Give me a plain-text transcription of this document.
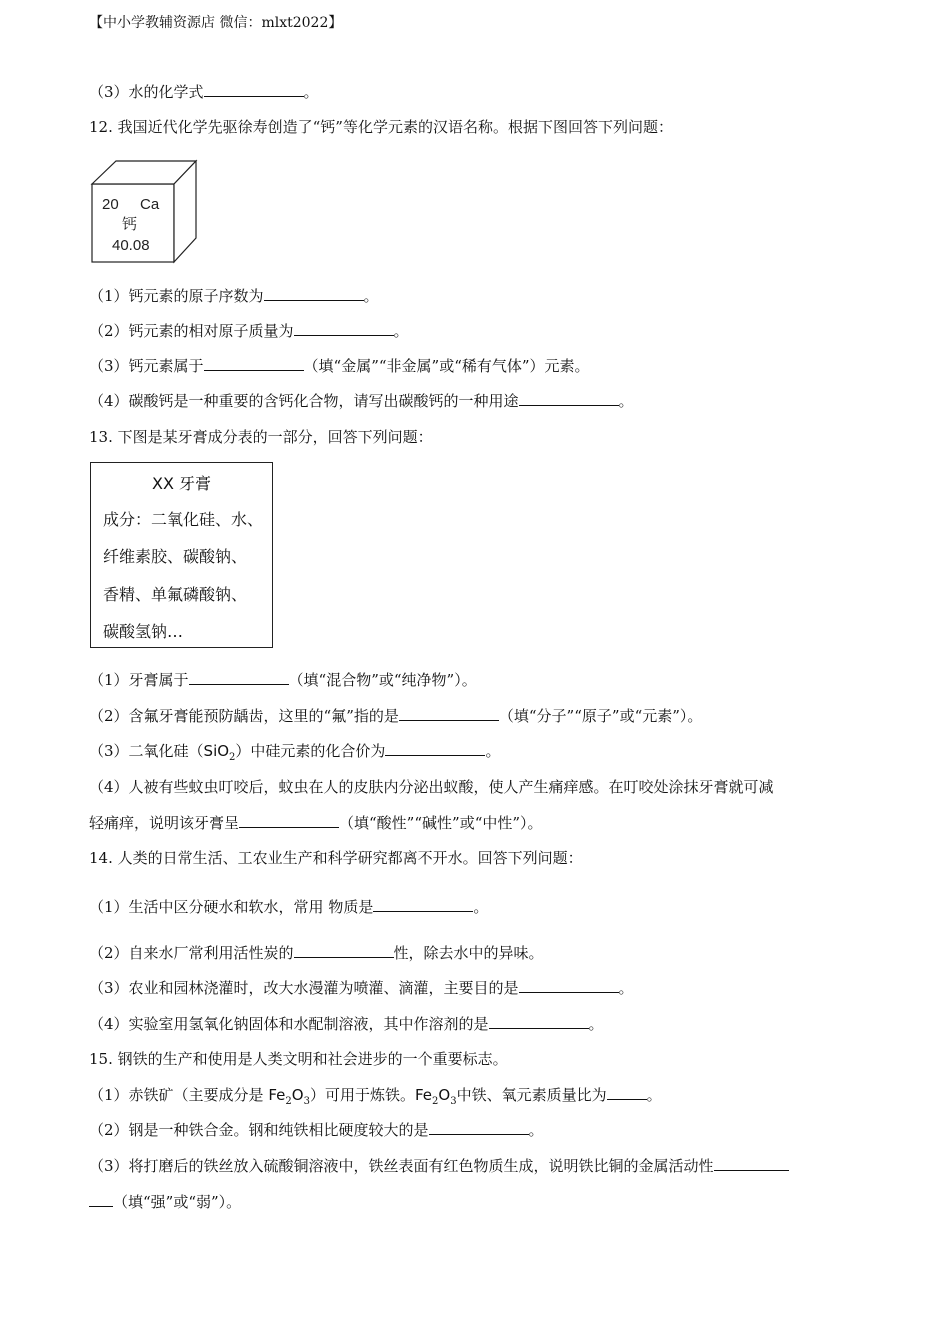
【中小学教辅资源店 微信：mlxt2022】
（3）水的化学式	。
12. 我国近代化学先驱徐寿创造了“钙”等化学元素的汉语名称。根据下图回答下列问题：
20 Ca
钙
40.08
（1）钙元素的原子序数为	。
（2）钙元素的相对原子质量为	。
（3）钙元素属于	（填“金属”“非金属”或“稀有气体”）元素。
（4）碳酸钙是一种重要的含钙化合物，请写出碳酸钙的一种用途	。
13. 下图是某牙膏成分表的一部分，回答下列问题：
XX 牙膏
成分：二氧化硅、水、
纤维素胶、碳酸钠、
香精、单氟磷酸钠、
碳酸氢钠…
（1）牙膏属于	（填“混合物”或“纯净物”）。
（2）含氟牙膏能预防龋齿，这里的“氟”指的是	（填“分子”“原子”或“元素”）。
（3）二氧化硅（SiO$_2$）中硅元素的化合价为	。
（4）人被有些蚊虫叮咬后，蚊虫在人的皮肤内分泌出蚁酸，使人产生痛痒感。在叮咬处涂抹牙膏就可减
轻痛痒，说明该牙膏呈	（填“酸性”“碱性”或“中性”）。
14. 人类的日常生活、工农业生产和科学研究都离不开水。回答下列问题：
（1）生活中区分硬水和软水，常用 物质是	。
（2）自来水厂常利用活性炭的	性，除去水中的异味。
（3）农业和园林浇灌时，改大水漫灌为喷灌、滴灌，主要目的是	。
（4）实验室用氢氧化钠固体和水配制溶液，其中作溶剂的是	。
15. 钢铁的生产和使用是人类文明和社会进步的一个重要标志。
（1）赤铁矿（主要成分是 $Fe_2O_3$）可用于炼铁。$Fe_2O_3$中铁、氧元素质量比为	。
（2）钢是一种铁合金。钢和纯铁相比硬度较大的是	。
（3）将打磨后的铁丝放入硫酸铜溶液中，铁丝表面有红色物质生成，说明铁比铜的金属活动性
（填“强”或“弱”）。
